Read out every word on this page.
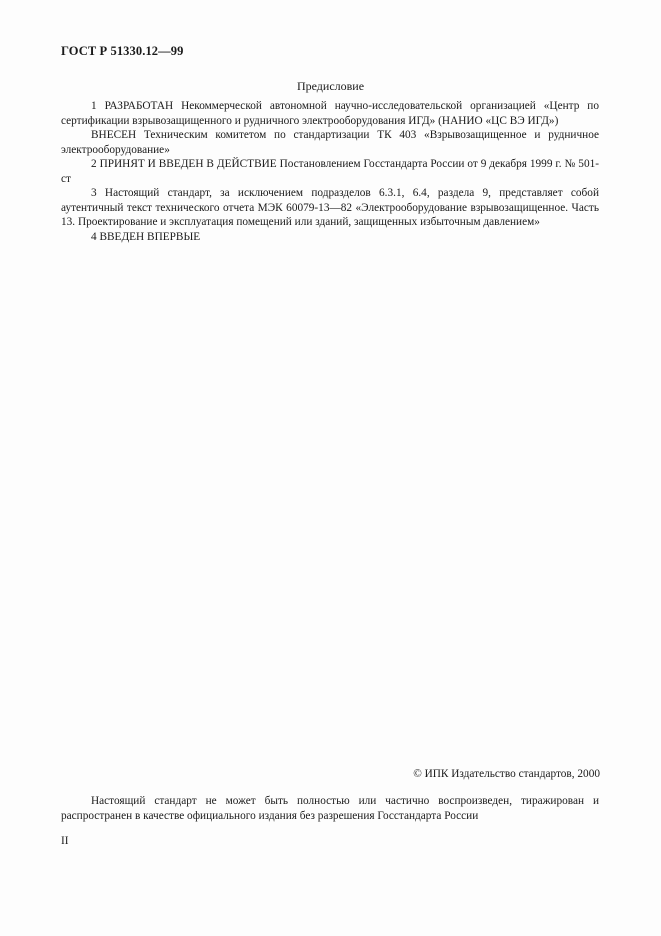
ГОСТ Р 51330.12—99
Предисловие

1 РАЗРАБОТАН Некоммерческой автономной научно-исследовательской организацией «Центр по сертификации взрывозащищенного и рудничного электрооборудования ИГД» (НАНИО «ЦС ВЭ ИГД»)

ВНЕСЕН Техническим комитетом по стандартизации ТК 403 «Взрывозащищенное и рудничное электрооборудование»

2 ПРИНЯТ И ВВЕДЕН В ДЕЙСТВИЕ Постановлением Госстандарта России от 9 декабря 1999 г. № 501-ст

3 Настоящий стандарт, за исключением подразделов 6.3.1, 6.4, раздела 9, представляет собой аутентичный текст технического отчета МЭК 60079-13—82 «Электрооборудование взрывозащищенное. Часть 13. Проектирование и эксплуатация помещений или зданий, защищенных избыточным давлением»

4 ВВЕДЕН ВПЕРВЫЕ

© ИПК Издательство стандартов, 2000

Настоящий стандарт не может быть полностью или частично воспроизведен, тиражирован и распространен в качестве официального издания без разрешения Госстандарта России

II
